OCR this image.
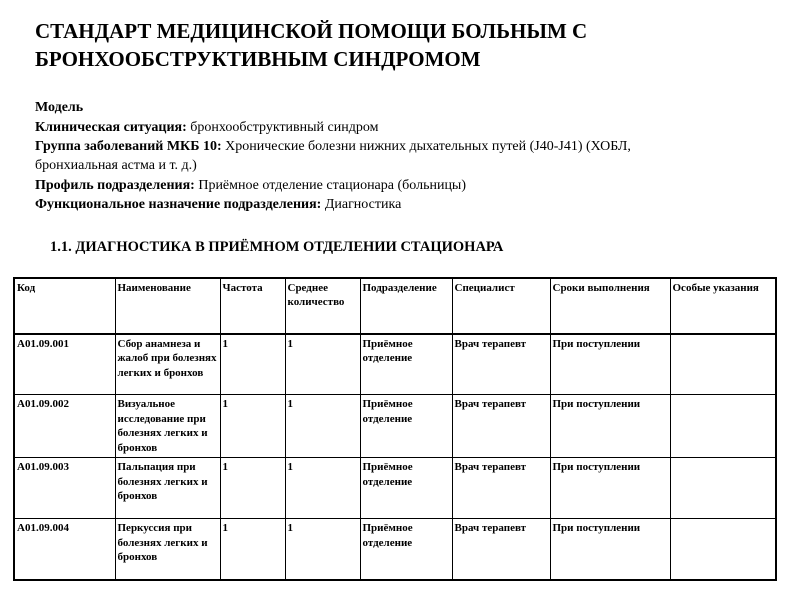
СТАНДАРТ МЕДИЦИНСКОЙ ПОМОЩИ БОЛЬНЫМ С БРОНХООБСТРУКТИВНЫМ СИНДРОМОМ

Модель

Клиническая ситуация: бронхообструктивный синдром

Группа заболеваний МКБ 10: Хронические болезни нижних дыхательных путей (J40-J41) (ХОБЛ, бронхиальная астма и т. д.)

Профиль подразделения: Приёмное отделение стационара (больницы)

Функциональное назначение подразделения: Диагностика

1.1. ДИАГНОСТИКА В ПРИЁМНОМ ОТДЕЛЕНИИ СТАЦИОНАРА
Код	Наименование	Частота	Среднее количество	Подразделение	Специалист	Сроки выполнения	Особые указания
А01.09.001	Сбор анамнеза и жалоб при болезнях легких и бронхов	1	1	Приёмное отделение	Врач терапевт	При поступлении	
А01.09.002	Визуальное исследование при болезнях легких и бронхов	1	1	Приёмное отделение	Врач терапевт	При поступлении	
А01.09.003	Пальпация при болезнях легких и бронхов	1	1	Приёмное отделение	Врач терапевт	При поступлении	
А01.09.004	Перкуссия при болезнях легких и бронхов	1	1	Приёмное отделение	Врач терапевт	При поступлении	
